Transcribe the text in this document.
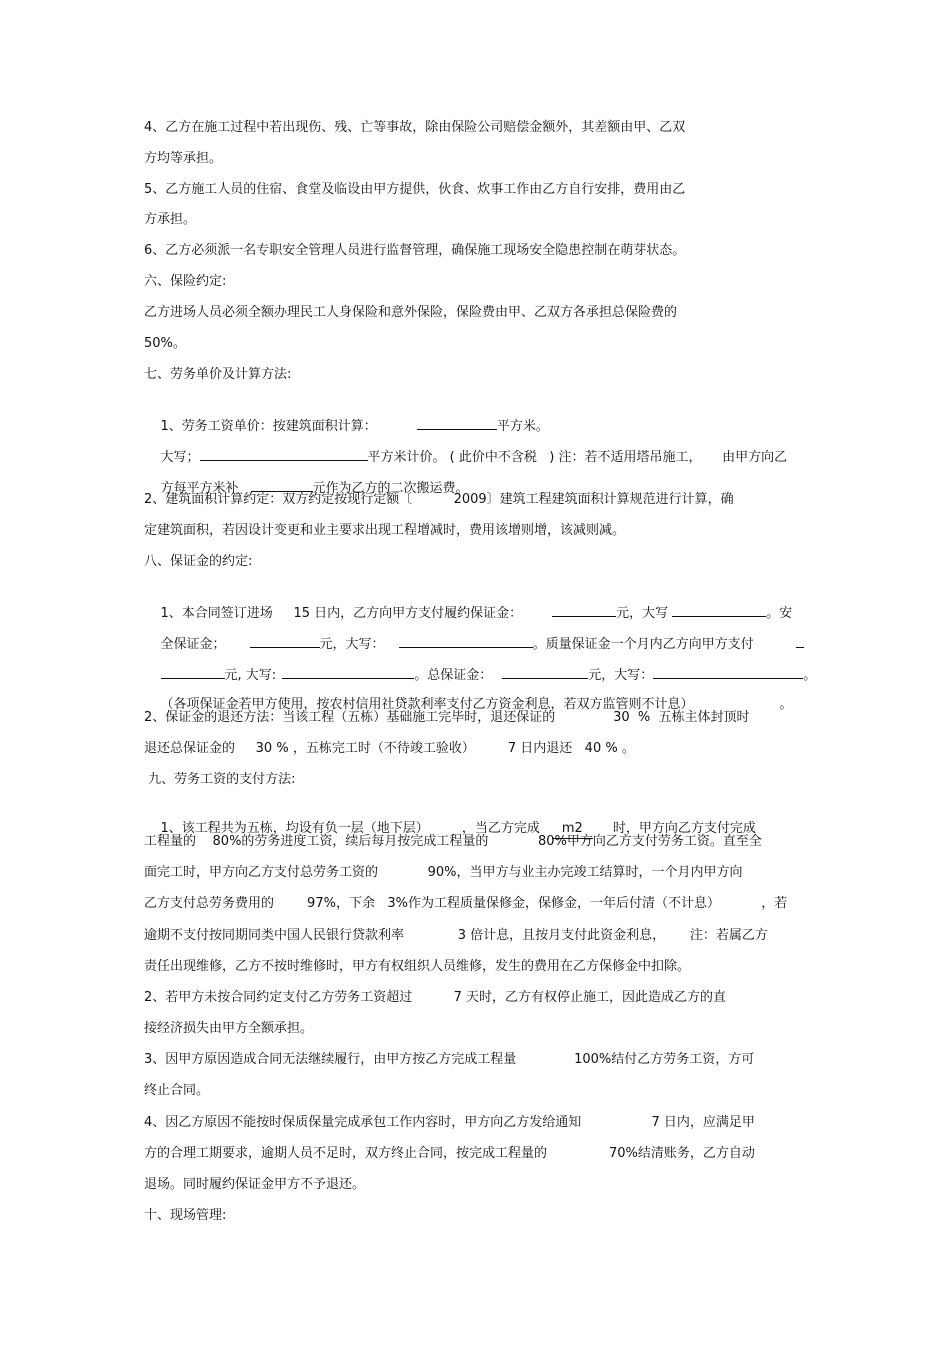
4、乙方在施工过程中若出现伤、残、亡等事故，除由保险公司赔偿金额外，其差额由甲、乙双
方均等承担。
5、乙方施工人员的住宿、食堂及临设由甲方提供，伙食、炊事工作由乙方自行安排，费用由乙
方承担。
6、乙方必须派一名专职安全管理人员进行监督管理，确保施工现场安全隐患控制在萌芽状态。
六、保险约定:
乙方进场人员必须全额办理民工人身保险和意外保险，保险费由甲、乙双方各承担总保险费的
50%。
七、劳务单价及计算方法:

1、劳务工资单价：按建筑面积计算：	平方米。

大写；	平方米计价。 ( 此价中不含税   ) 注：若不适用塔吊施工，     由甲方向乙

方每平方米补	元作为乙方的二次搬运费。

2、建筑面积计算约定：双方约定按现行定额〔          2009〕建筑工程建筑面积计算规范进行计算，确
定建筑面积，若因设计变更和业主要求出现工程增减时，费用该增则增，该减则减。
八、保证金的约定:

1、本合同签订进场     15 日内，乙方向甲方支付履约保证金：	元，大写	。安

全保证金；	元，大写：	。质量保证金一个月内乙方向甲方支付

元, 大写:	。总保证金：	元，大写：	。

（各项保证金若甲方使用，按农村信用社贷款利率支付乙方资金利息，若双方监管则不计息）	。

2、保证金的退还方法：当该工程（五栋）基础施工完毕时，退还保证的              30  %  五栋主体封顶时
退还总保证金的     30 % ，五栋完工时（不待竣工验收）        7 日内退还   40 % 。
九、劳务工资的支付方法:

1、该工程共为五栋，均设有负一层（地下层）        ，当乙方完成 m2 时，甲方向乙方支付完成

工程量的    80%的劳务进度工资，续后每月按完成工程量的            80%甲方向乙方支付劳务工资。直至全
面完工时，甲方向乙方支付总劳务工资的            90%，当甲方与业主办完竣工结算时，一个月内甲方向
乙方支付总劳务费用的        97%，下余   3%作为工程质量保修金，保修金，一年后付清（不计息）          ，若
逾期不支付按同期同类中国人民银行贷款利率             3 倍计息，且按月支付此资金利息，      注：若属乙方
责任出现维修，乙方不按时维修时，甲方有权组织人员维修，发生的费用在乙方保修金中扣除。
2、若甲方未按合同约定支付乙方劳务工资超过          7 天时，乙方有权停止施工，因此造成乙方的直
接经济损失由甲方全额承担。
3、因甲方原因造成合同无法继续履行，由甲方按乙方完成工程量              100%结付乙方劳务工资，方可
终止合同。
4、因乙方原因不能按时保质保量完成承包工作内容时，甲方向乙方发给通知                 7 日内，应满足甲
方的合理工期要求，逾期人员不足时，双方终止合同，按完成工程量的               70%结清账务，乙方自动
退场。同时履约保证金甲方不予退还。
十、现场管理:
